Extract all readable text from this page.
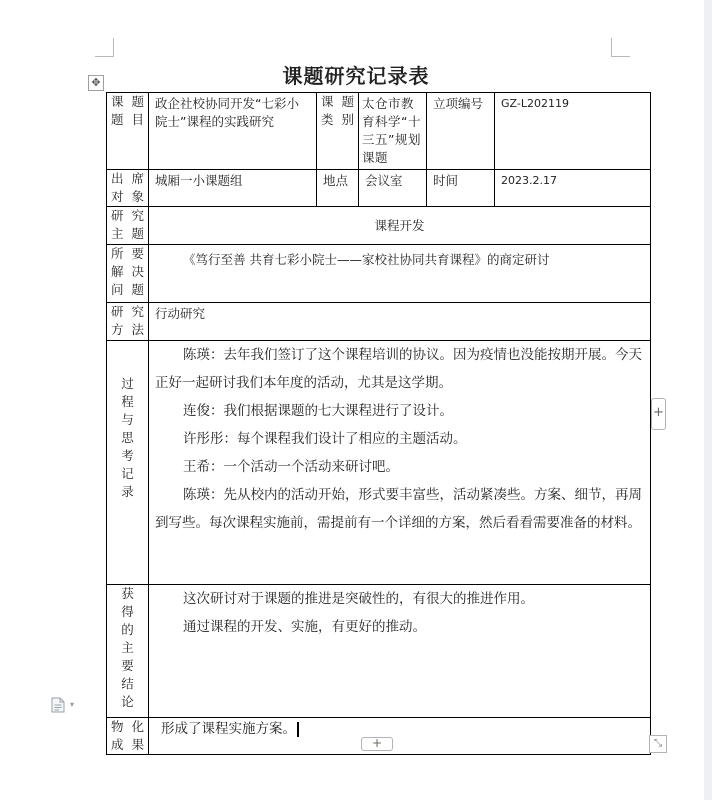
课题研究记录表
✥
课题题目	政企社校协同开发“七彩小院士”课程的实践研究	课题类别	太仓市教育科学“十三五”规划课题	立项编号	GZ-L202119

出席对象	城厢一小课题组	地点	会议室	时间	2023.2.17

研究主题	课程开发				

所要解决问题	《笃行至善 共育七彩小院士——家校社协同共育课程》的商定研讨				

研究方法	行动研究				

过程与思考记录	陈瑛：去年我们签订了这个课程培训的协议。因为疫情也没能按期开展。今天正好一起研讨我们本年度的活动，尤其是这学期。

连俊：我们根据课题的七大课程进行了设计。

许彤彤：每个课程我们设计了相应的主题活动。

王希：一个活动一个活动来研讨吧。

陈瑛：先从校内的活动开始，形式要丰富些，活动紧凑些。方案、细节，再周到写些。每次课程实施前，需提前有一个详细的方案，然后看看需要准备的材料。				

获得的主要结论	这次研讨对于课题的推进是突破性的，有很大的推进作用。

通过课程的开发、实施，有更好的推动。				

物化成果	形成了课程实施方案。				
+
+	⤡
▾
